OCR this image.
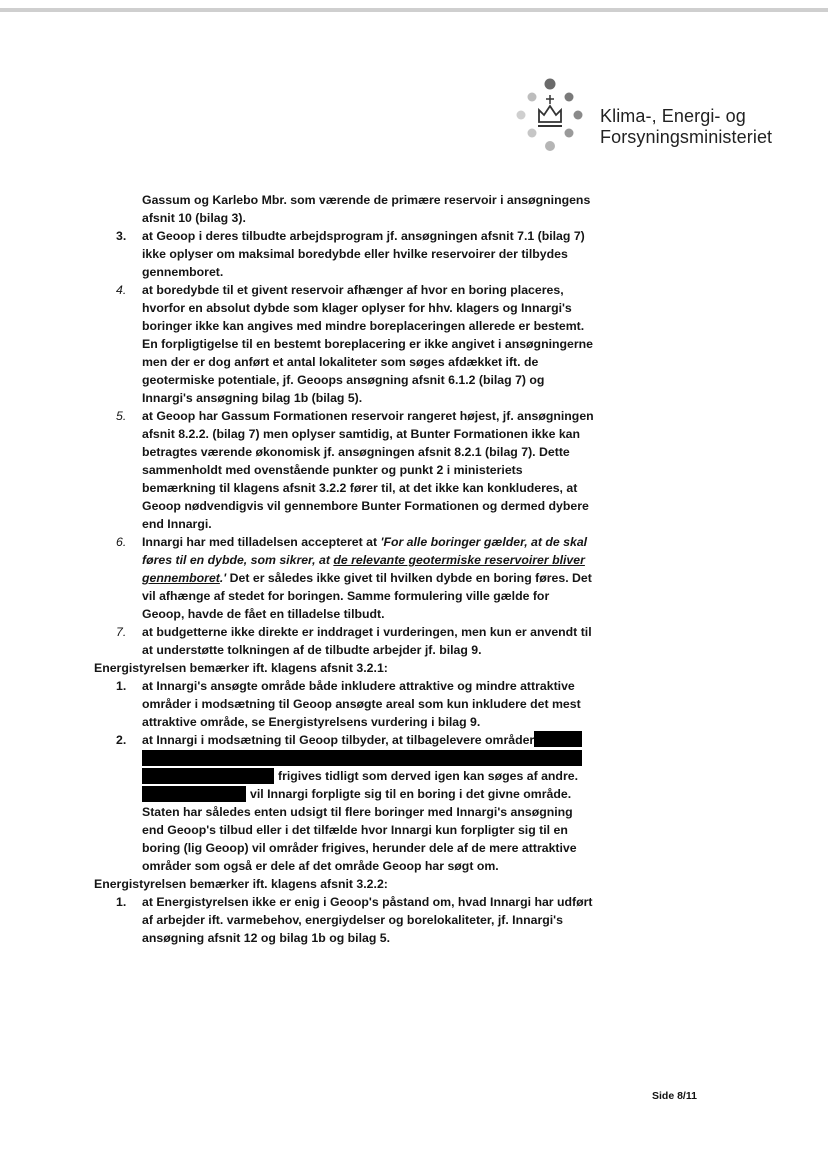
Klima-, Energi- og
Forsyningsministeriet

Gassum og Karlebo Mbr. som værende de primære reservoir i ansøgningens afsnit 10 (bilag 3).

3. at Geoop i deres tilbudte arbejdsprogram jf. ansøgningen afsnit 7.1 (bilag 7) ikke oplyser om maksimal boredybde eller hvilke reservoirer der tilbydes gennemboret.
4. at boredybde til et givent reservoir afhænger af hvor en boring placeres, hvorfor en absolut dybde som klager oplyser for hhv. klagers og Innargi's boringer ikke kan angives med mindre boreplaceringen allerede er bestemt. En forpligtigelse til en bestemt boreplacering er ikke angivet i ansøgningerne men der er dog anført et antal lokaliteter som søges afdækket ift. de geotermiske potentiale, jf. Geoops ansøgning afsnit 6.1.2 (bilag 7) og Innargi's ansøgning bilag 1b (bilag 5).
5. at Geoop har Gassum Formationen reservoir rangeret højest, jf. ansøgningen afsnit 8.2.2. (bilag 7) men oplyser samtidig, at Bunter Formationen ikke kan betragtes værende økonomisk jf. ansøgningen afsnit 8.2.1 (bilag 7). Dette sammenholdt med ovenstående punkter og punkt 2 i ministeriets bemærkning til klagens afsnit 3.2.2 fører til, at det ikke kan konkluderes, at Geoop nødvendigvis vil gennembore Bunter Formationen og dermed dybere end Innargi.
6. Innargi har med tilladelsen accepteret at 'For alle boringer gælder, at de skal føres til en dybde, som sikrer, at de relevante geotermiske reservoirer bliver gennemboret.' Det er således ikke givet til hvilken dybde en boring føres. Det vil afhænge af stedet for boringen. Samme formulering ville gælde for Geoop, havde de fået en tilladelse tilbudt.
7. at budgetterne ikke direkte er inddraget i vurderingen, men kun er anvendt til at understøtte tolkningen af de tilbudte arbejder jf. bilag 9.

Energistyrelsen bemærker ift. klagens afsnit 3.2.1:

1. at Innargi's ansøgte område både inkludere attraktive og mindre attraktive områder i modsætning til Geoop ansøgte areal som kun inkludere det mest attraktive område, se Energistyrelsens vurdering i bilag 9.
2. at Innargi i modsætning til Geoop tilbyder, at tilbagelevere områder
frigives tidligt som derved igen kan søges af andre.
vil Innargi forpligte sig til en boring i det givne område.
Staten har således enten udsigt til flere boringer med Innargi's ansøgning end Geoop's tilbud eller i det tilfælde hvor Innargi kun forpligter sig til en boring (lig Geoop) vil områder frigives, herunder dele af de mere attraktive områder som også er dele af det område Geoop har søgt om.

Energistyrelsen bemærker ift. klagens afsnit 3.2.2:

1. at Energistyrelsen ikke er enig i Geoop's påstand om, hvad Innargi har udført af arbejder ift. varmebehov, energiydelser og borelokaliteter, jf. Innargi's ansøgning afsnit 12 og bilag 1b og bilag 5.
Side 8/11
